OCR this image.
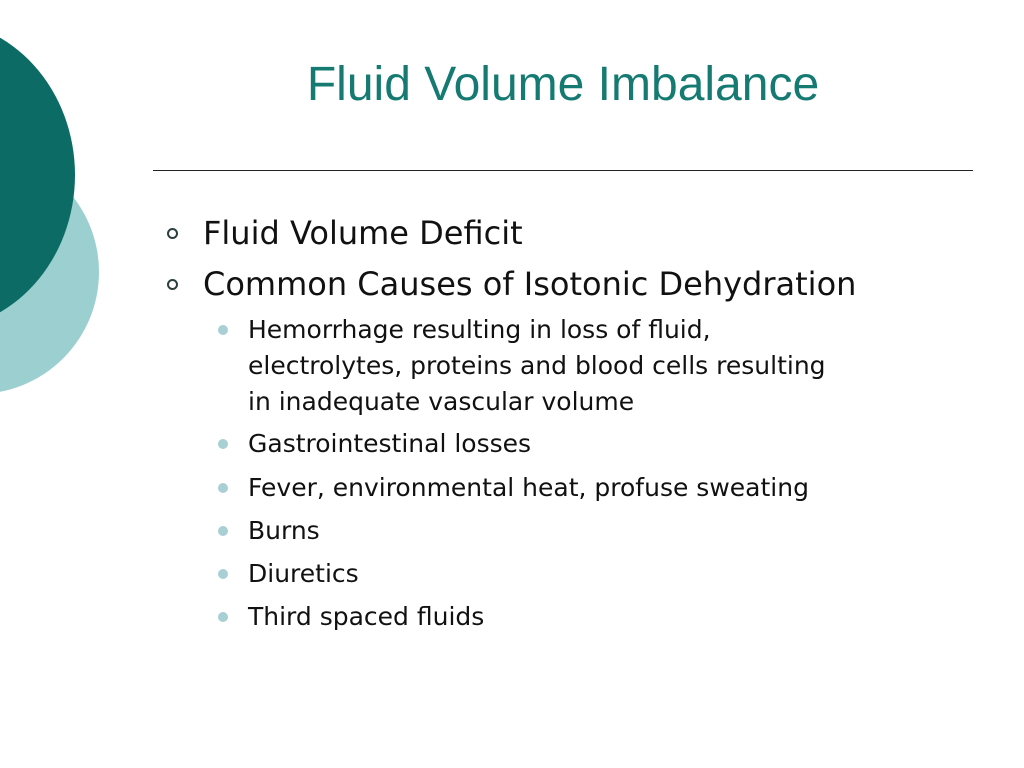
Fluid Volume Imbalance
Fluid Volume Deficit
Common Causes of Isotonic Dehydration
Hemorrhage resulting in loss of fluid,
electrolytes, proteins and blood cells resulting
in inadequate vascular volume
Gastrointestinal losses
Fever, environmental heat, profuse sweating
Burns
Diuretics
Third spaced fluids
